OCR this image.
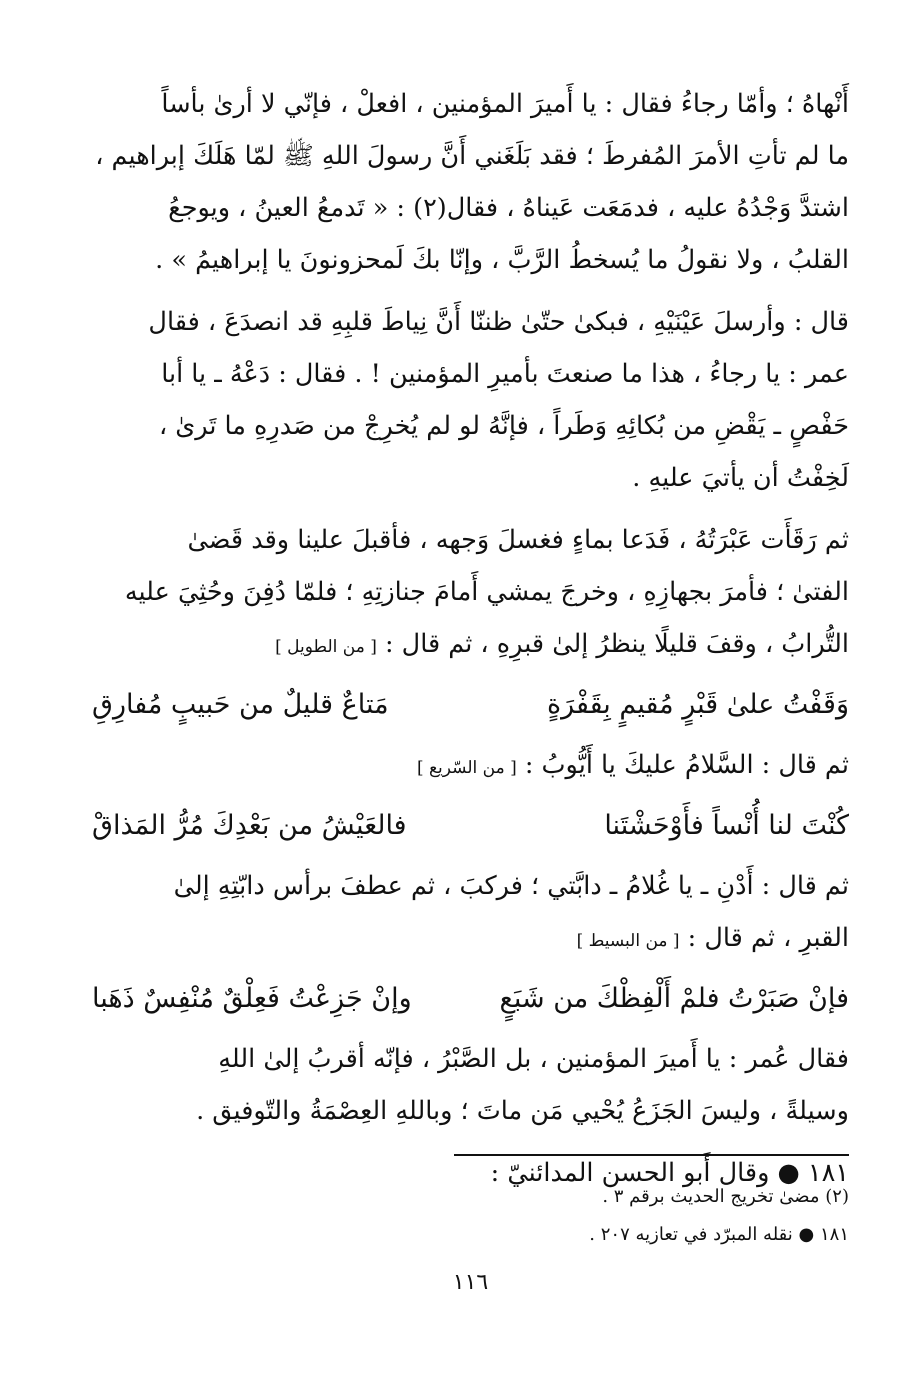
أَنْهاهُ ؛ وأمّا رجاءُ فقال : يا أَميرَ المؤمنين ، افعلْ ، فإنّي لا أرىٰ بأساً
ما لم تأتِ الأمرَ المُفرطَ ؛ فقد بَلَغَني أَنَّ رسولَ اللهِ ﷺ لمّا هَلَكَ إبراهيم ،
اشتدَّ وَجْدُهُ عليه ، فدمَعَت عَيناهُ ، فقال(٢) : « تَدمعُ العينُ ، ويوجعُ
القلبُ ، ولا نقولُ ما يُسخطُ الرَّبَّ ، وإنّا بكَ لَمحزونونَ يا إبراهيمُ » .

قال : وأرسلَ عَيْنَيْهِ ، فبكىٰ حتّىٰ ظننّا أَنَّ نِياطَ قلبِهِ قد انصدَعَ ، فقال
عمر : يا رجاءُ ، هذا ما صنعتَ بأميرِ المؤمنين ! . فقال : دَعْهُ ـ يا أبا
حَفْصٍ ـ يَقْضِ من بُكائِهِ وَطَراً ، فإنَّهُ لو لم يُخرِجْ من صَدرِهِ ما تَرىٰ ،
لَخِفْتُ أن يأتيَ عليهِ .

ثم رَقَأَت عَبْرَتُهُ ، فَدَعا بماءٍ فغسلَ وَجهه ، فأقبلَ علينا وقد قَضىٰ
الفتىٰ ؛ فأمرَ بجهازِهِ ، وخرجَ يمشي أَمامَ جنازتِهِ ؛ فلمّا دُفِنَ وحُثِيَ عليه
التُّرابُ ، وقفَ قليلًا ينظرُ إلىٰ قبرِهِ ، ثم قال : [ من الطويل ]

وَقَفْتُ علىٰ قَبْرٍ مُقيمٍ بِقَفْرَةٍ
مَتاعٌ قليلٌ من حَبيبٍ مُفارِقِ

ثم قال : السَّلامُ عليكَ يا أَيُّوبُ : [ من السّريع ]

كُنْتَ لنا أُنْساً فأَوْحَشْتَنا
فالعَيْشُ من بَعْدِكَ مُرُّ المَذاقْ

ثم قال : أَدْنِ ـ يا غُلامُ ـ دابَّتي ؛ فركبَ ، ثم عطفَ برأس دابّتِهِ إلىٰ
القبرِ ، ثم قال : [ من البسيط ]

فإنْ صَبَرْتُ فلمْ أَلْفِظْكَ من شَبَعٍ
وإنْ جَزِعْتُ فَعِلْقٌ مُنْفِسٌ ذَهَبا

فقال عُمر : يا أَميرَ المؤمنين ، بل الصَّبْرُ ، فإنّه أقربُ إلىٰ اللهِ
وسيلةً ، وليسَ الجَزَعُ يُحْيي مَن ماتَ ؛ وباللهِ العِصْمَةُ والتّوفيق .

١٨١ ● وقال أَبو الحسن المدائنيّ :
(٢) مضىٰ تخريج الحديث برقم ٣ .
١٨١ ● نقله المبرّد في تعازيه ٢٠٧ .
١١٦
